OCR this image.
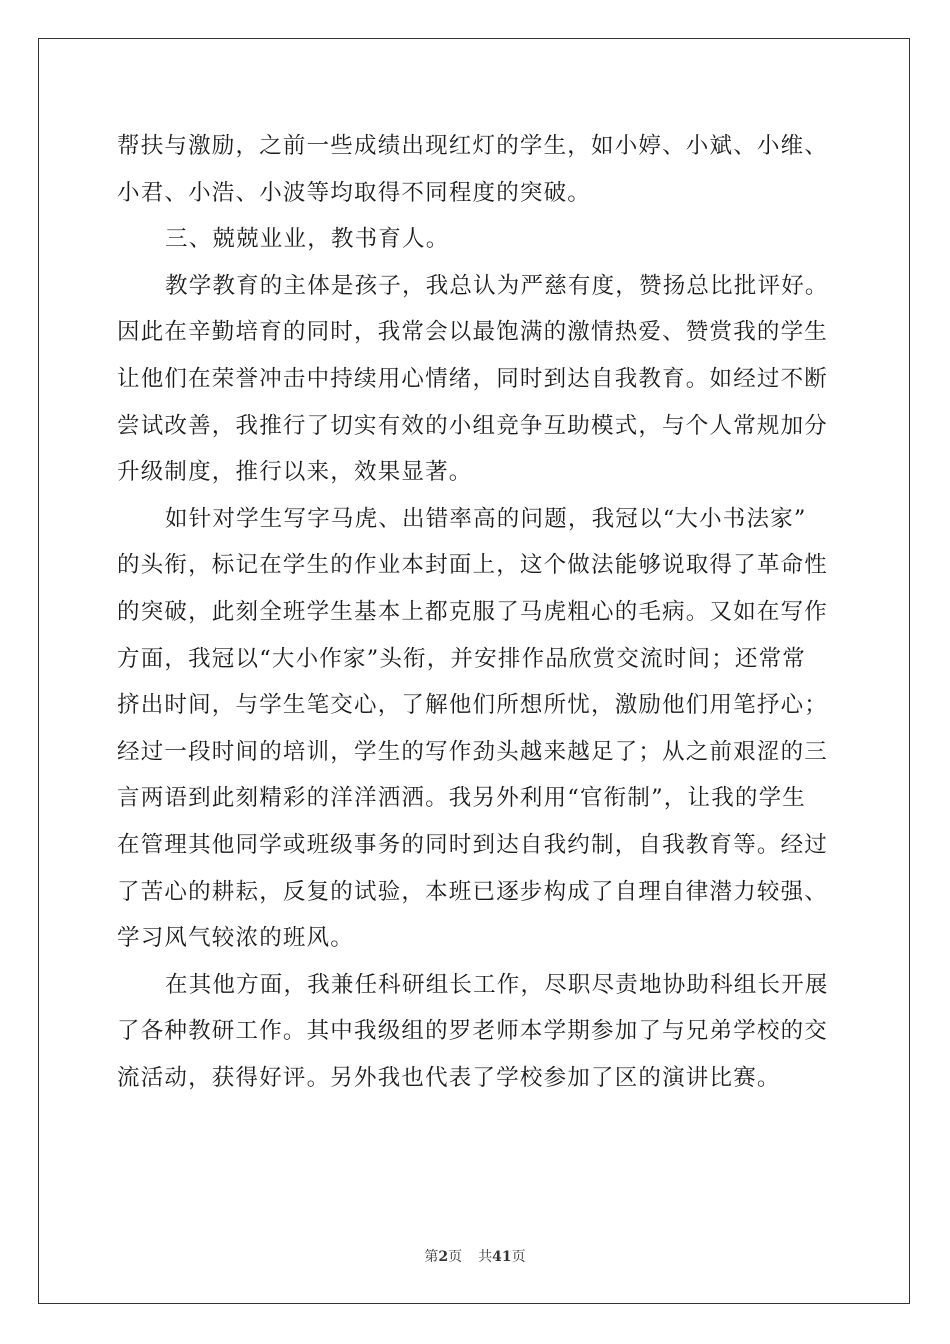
帮扶与激励，之前一些成绩出现红灯的学生，如小婷、小斌、小维、
小君、小浩、小波等均取得不同程度的突破。

三、兢兢业业，教书育人。

教学教育的主体是孩子，我总认为严慈有度，赞扬总比批评好。
因此在辛勤培育的同时，我常会以最饱满的激情热爱、赞赏我的学生
让他们在荣誉冲击中持续用心情绪，同时到达自我教育。如经过不断
尝试改善，我推行了切实有效的小组竞争互助模式，与个人常规加分
升级制度，推行以来，效果显著。

如针对学生写字马虎、出错率高的问题，我冠以“大小书法家”
的头衔，标记在学生的作业本封面上，这个做法能够说取得了革命性
的突破，此刻全班学生基本上都克服了马虎粗心的毛病。又如在写作
方面，我冠以“大小作家”头衔，并安排作品欣赏交流时间；还常常
挤出时间，与学生笔交心，了解他们所想所忧，激励他们用笔抒心；
经过一段时间的培训，学生的写作劲头越来越足了；从之前艰涩的三
言两语到此刻精彩的洋洋洒洒。我另外利用“官衔制”，让我的学生
在管理其他同学或班级事务的同时到达自我约制，自我教育等。经过
了苦心的耕耘，反复的试验，本班已逐步构成了自理自律潜力较强、
学习风气较浓的班风。

在其他方面，我兼任科研组长工作，尽职尽责地协助科组长开展
了各种教研工作。其中我级组的罗老师本学期参加了与兄弟学校的交
流活动，获得好评。另外我也代表了学校参加了区的演讲比赛。

第2页 共41页
